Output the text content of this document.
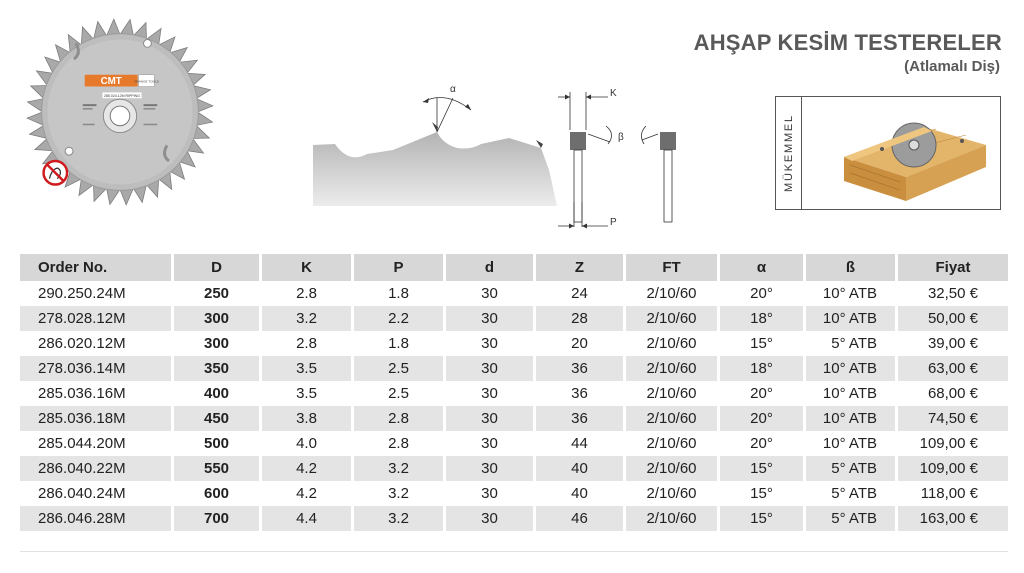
AHŞAP KESİM TESTERELER
(Atlamalı Diş)
CMT	ORANGE TOOLS
285.024.12M RIPPING
α	K
β
P
MÜKEMMEL
Order No.	D	K	P	d	Z	FT	α	ß	Fiyat
290.250.24M	250	2.8	1.8	30	24	2/10/60	20°	10° ATB	32,50 €
278.028.12M	300	3.2	2.2	30	28	2/10/60	18°	10° ATB	50,00 €
286.020.12M	300	2.8	1.8	30	20	2/10/60	15°	5° ATB	39,00 €
278.036.14M	350	3.5	2.5	30	36	2/10/60	18°	10° ATB	63,00 €
285.036.16M	400	3.5	2.5	30	36	2/10/60	20°	10° ATB	68,00 €
285.036.18M	450	3.8	2.8	30	36	2/10/60	20°	10° ATB	74,50 €
285.044.20M	500	4.0	2.8	30	44	2/10/60	20°	10° ATB	109,00 €
286.040.22M	550	4.2	3.2	30	40	2/10/60	15°	5° ATB	109,00 €
286.040.24M	600	4.2	3.2	30	40	2/10/60	15°	5° ATB	118,00 €
286.046.28M	700	4.4	3.2	30	46	2/10/60	15°	5° ATB	163,00 €
